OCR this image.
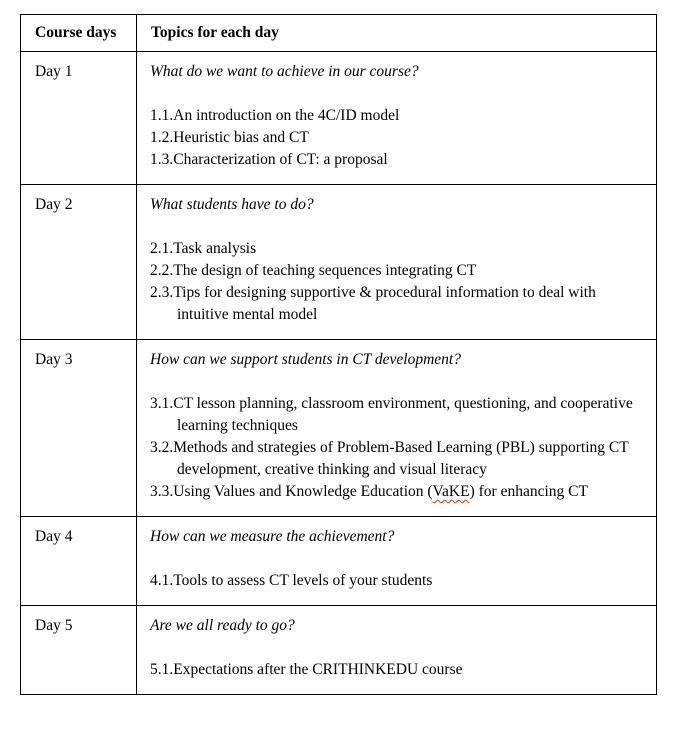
Course days	Topics for each day
Day 1	What do we want to achieve in our course?
1.1.An introduction on the 4C/ID model
1.2.Heuristic bias and CT
1.3.Characterization of CT: a proposal

Day 2	What students have to do?
2.1.Task analysis
2.2.The design of teaching sequences integrating CT
2.3.Tips for designing supportive & procedural information to deal with intuitive mental model

Day 3	How can we support students in CT development?
3.1.CT lesson planning, classroom environment, questioning, and cooperative learning techniques
3.2.Methods and strategies of Problem-Based Learning (PBL) supporting CT development, creative thinking and visual literacy
3.3.Using Values and Knowledge Education (VaKE) for enhancing CT

Day 4	How can we measure the achievement?
4.1.Tools to assess CT levels of your students

Day 5	Are we all ready to go?
5.1.Expectations after the CRITHINKEDU course
